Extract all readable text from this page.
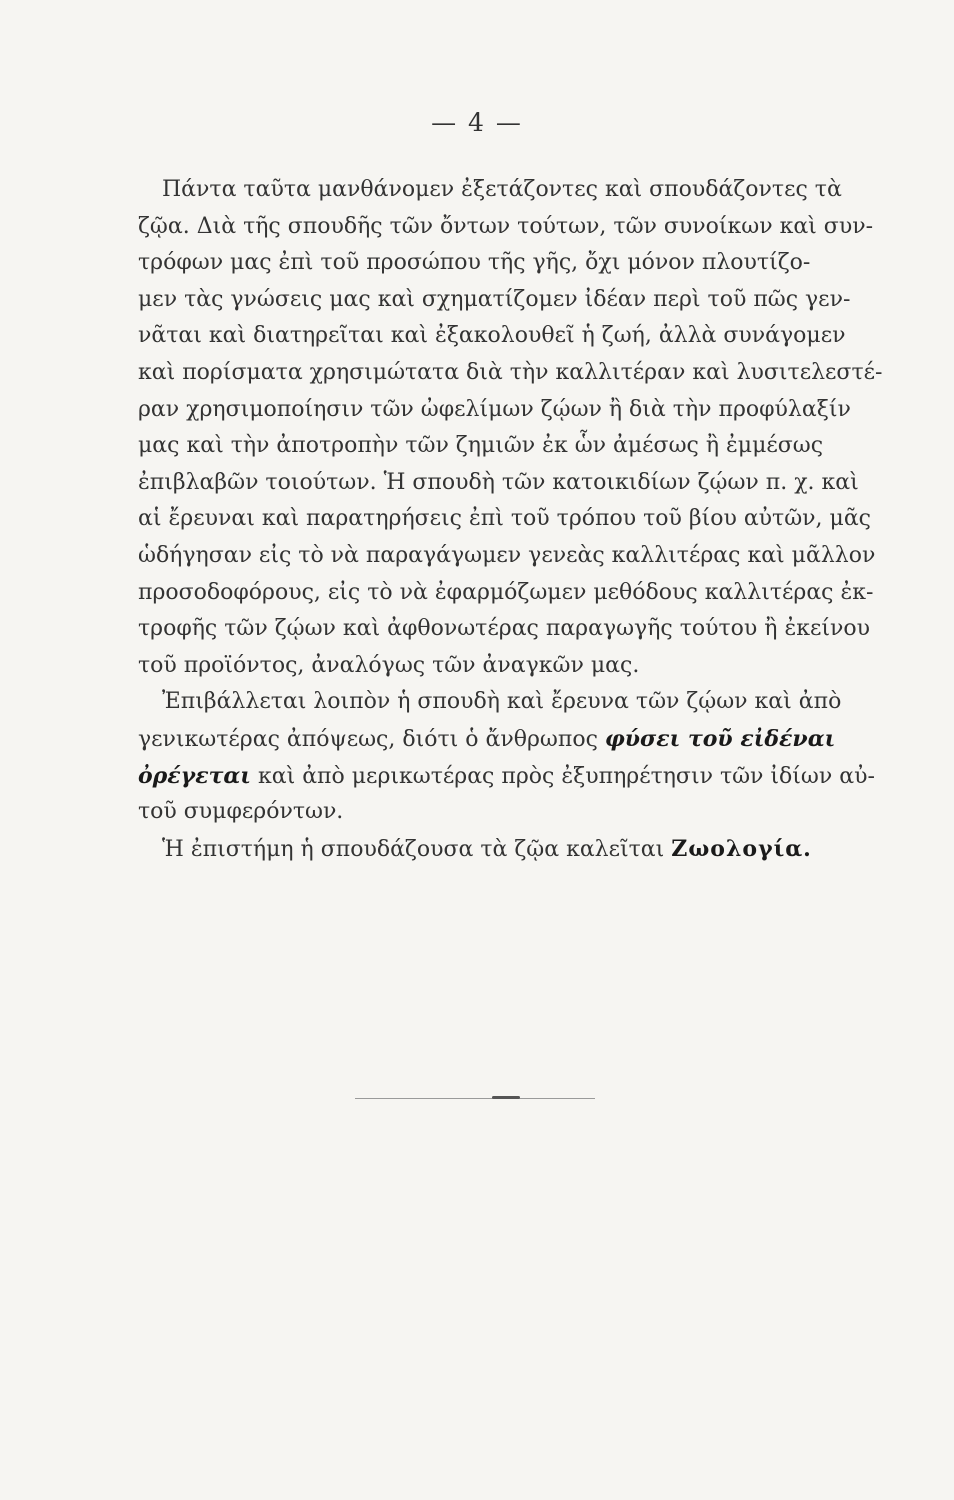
— 4 —
Πάντα ταῦτα μανθάνομεν ἐξετάζοντες καὶ σπουδάζοντες τὰ
ζῷα. Διὰ τῆς σπουδῆς τῶν ὄντων τούτων, τῶν συνοίκων καὶ συν-
τρόφων μας ἐπὶ τοῦ προσώπου τῆς γῆς, ὄχι μόνον πλουτίζο-
μεν τὰς γνώσεις μας καὶ σχηματίζομεν ἰδέαν περὶ τοῦ πῶς γεν-
νᾶται καὶ διατηρεῖται καὶ ἐξακολουθεῖ ἡ ζωή, ἀλλὰ συνάγομεν
καὶ πορίσματα χρησιμώτατα διὰ τὴν καλλιτέραν καὶ λυσιτελεστέ-
ραν χρησιμοποίησιν τῶν ὠφελίμων ζῴων ἢ διὰ τὴν προφύλαξίν
μας καὶ τὴν ἀποτροπὴν τῶν ζημιῶν ἐκ ὧν ἀμέσως ἢ ἐμμέσως
ἐπιβλαβῶν τοιούτων. Ἡ σπουδὴ τῶν κατοικιδίων ζῴων π. χ. καὶ
αἱ ἔρευναι καὶ παρατηρήσεις ἐπὶ τοῦ τρόπου τοῦ βίου αὐτῶν, μᾶς
ὡδήγησαν εἰς τὸ νὰ παραγάγωμεν γενεὰς καλλιτέρας καὶ μᾶλλον
προσοδοφόρους, εἰς τὸ νὰ ἐφαρμόζωμεν μεθόδους καλλιτέρας ἐκ-
τροφῆς τῶν ζῴων καὶ ἀφθονωτέρας παραγωγῆς τούτου ἢ ἐκείνου
τοῦ προϊόντος, ἀναλόγως τῶν ἀναγκῶν μας.
Ἐπιβάλλεται λοιπὸν ἡ σπουδὴ καὶ ἔρευνα τῶν ζῴων καὶ ἀπὸ
γενικωτέρας ἀπόψεως, διότι ὁ ἄνθρωπος φύσει τοῦ εἰδέναι
ὀρέγεται καὶ ἀπὸ μερικωτέρας πρὸς ἐξυπηρέτησιν τῶν ἰδίων αὐ-
τοῦ συμφερόντων.
Ἡ ἐπιστήμη ἡ σπουδάζουσα τὰ ζῷα καλεῖται Ζωολογία.
